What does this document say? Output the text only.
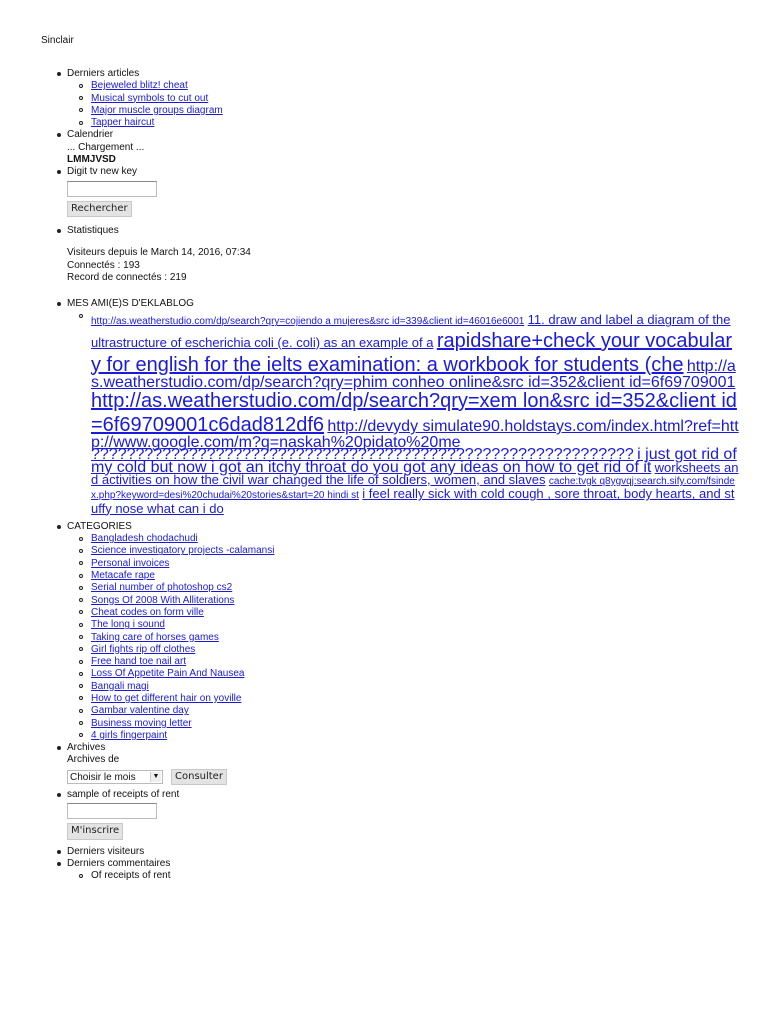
Sinclair
Derniers articles
Bejeweled blitz! cheat
Musical symbols to cut out
Major muscle groups diagram
Tapper haircut
Calendrier
... Chargement ...
LMMJVSD
Digit tv new key
Rechercher
Statistiques
Visiteurs depuis le March 14, 2016, 07:34
Connectés : 193
Record de connectés : 219
MES AMI(E)S D'EKLABLOG
http://as.weatherstudio.com/dp/search?qry=cojiendo a mujeres&src id=339&client id=46016e6001 11. draw and label a diagram of the ultrastructure of escherichia coli (e. coli) as an example of a rapidshare+check your vocabulary for english for the ielts examination: a workbook for students (che http://as.weatherstudio.com/dp/search?qry=phim conheo online&src id=352&client id=6f69709001 http://as.weatherstudio.com/dp/search?qry=xem lon&src id=352&client id=6f69709001c6dad812df6 http://devydy simulate90.holdstays.com/index.html?ref=http://www.google.com/m?q=naskah%20pidato%20me ????????????????????????????????????????????????????????????? i just got rid of my cold but now i got an itchy throat do you got any ideas on how to get rid of it worksheets and activities on how the civil war changed the life of soldiers, women, and slaves cache:tvgk q8ygvqj:search.sify.com/fsindex.php?keyword=desi%20chudai%20stories&start=20 hindi st i feel really sick with cold cough , sore throat, body hearts, and stuffy nose what can i do
CATEGORIES
Bangladesh chodachudi
Science investigatory projects -calamansi
Personal invoices
Metacafe rape
Serial number of photoshop cs2
Songs Of 2008 With Alliterations
Cheat codes on form ville
The long i sound
Taking care of horses games
Girl fights rip off clothes
Free hand toe nail art
Loss Of Appetite Pain And Nausea
Bangali magi
How to get different hair on yoville
Gambar valentine day
Business moving letter
4 girls fingerpaint
Archives
Archives de
Choisir le mois	▼	Consulter
sample of receipts of rent
M'inscrire
Derniers visiteurs
Derniers commentaires
Of receipts of rent
